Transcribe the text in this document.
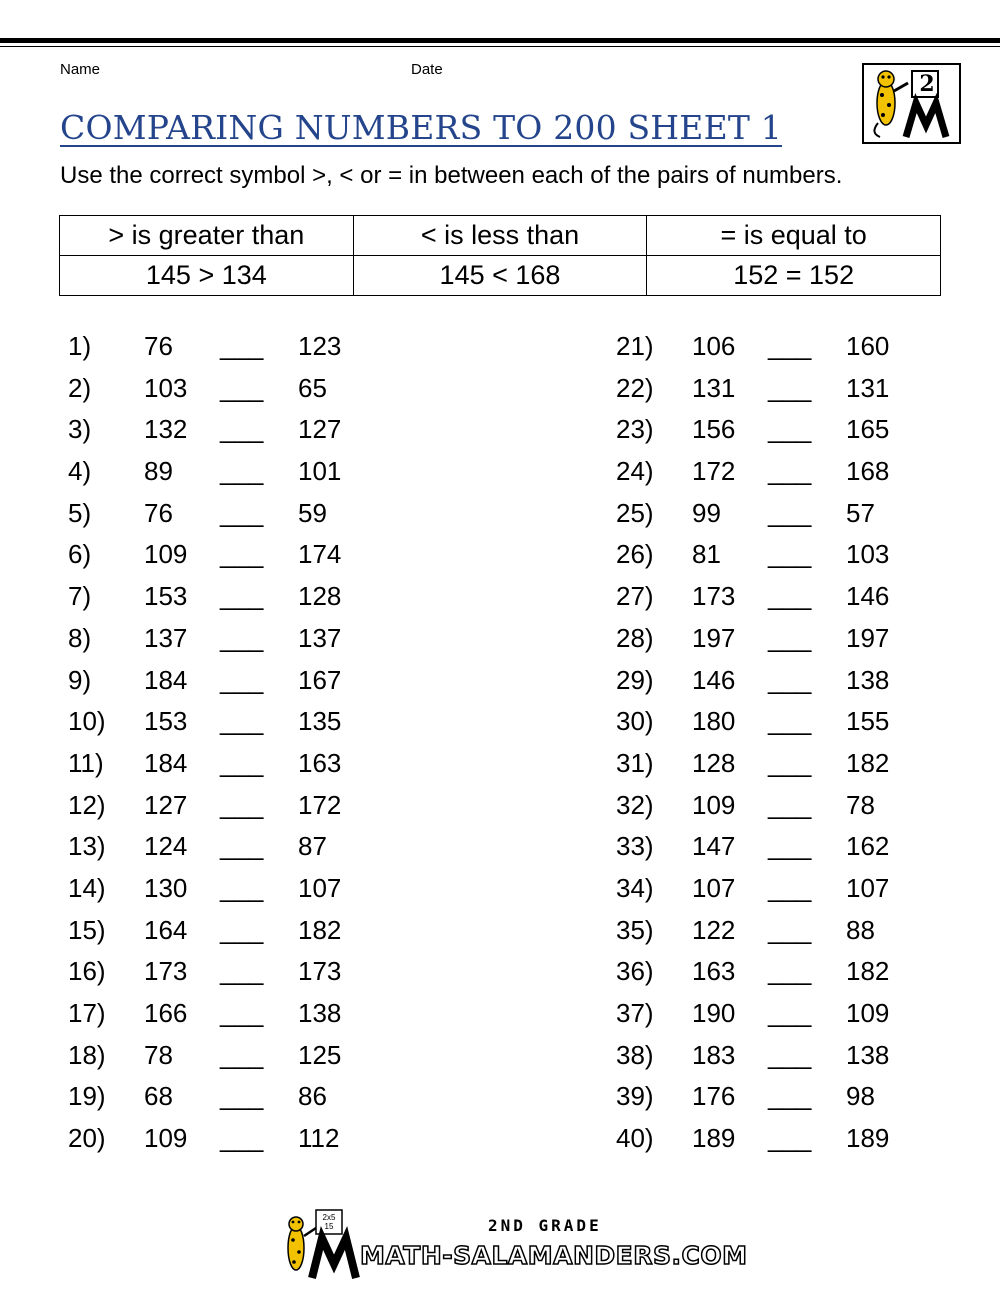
Name	Date
COMPARING NUMBERS TO 200 SHEET 1
Use the correct symbol >, < or = in between each of the pairs of numbers.
2
> is greater than	< is less than	= is equal to
145 > 134	145 < 168	152 = 152
1) 76 ___ 123
2) 103 ___ 65
3) 132 ___ 127
4) 89 ___ 101
5) 76 ___ 59
6) 109 ___ 174
7) 153 ___ 128
8) 137 ___ 137
9) 184 ___ 167
10) 153 ___ 135
11) 184 ___ 163
12) 127 ___ 172
13) 124 ___ 87
14) 130 ___ 107
15) 164 ___ 182
16) 173 ___ 173
17) 166 ___ 138
18) 78 ___ 125
19) 68 ___ 86
20) 109 ___ 112
21) 106 ___ 160
22) 131 ___ 131
23) 156 ___ 165
24) 172 ___ 168
25) 99 ___ 57
26) 81 ___ 103
27) 173 ___ 146
28) 197 ___ 197
29) 146 ___ 138
30) 180 ___ 155
31) 128 ___ 182
32) 109 ___ 78
33) 147 ___ 162
34) 107 ___ 107
35) 122 ___ 88
36) 163 ___ 182
37) 190 ___ 109
38) 183 ___ 138
39) 176 ___ 98
40) 189 ___ 189
2x5 15	2ND GRADE
MATH-SALAMANDERS.COM
